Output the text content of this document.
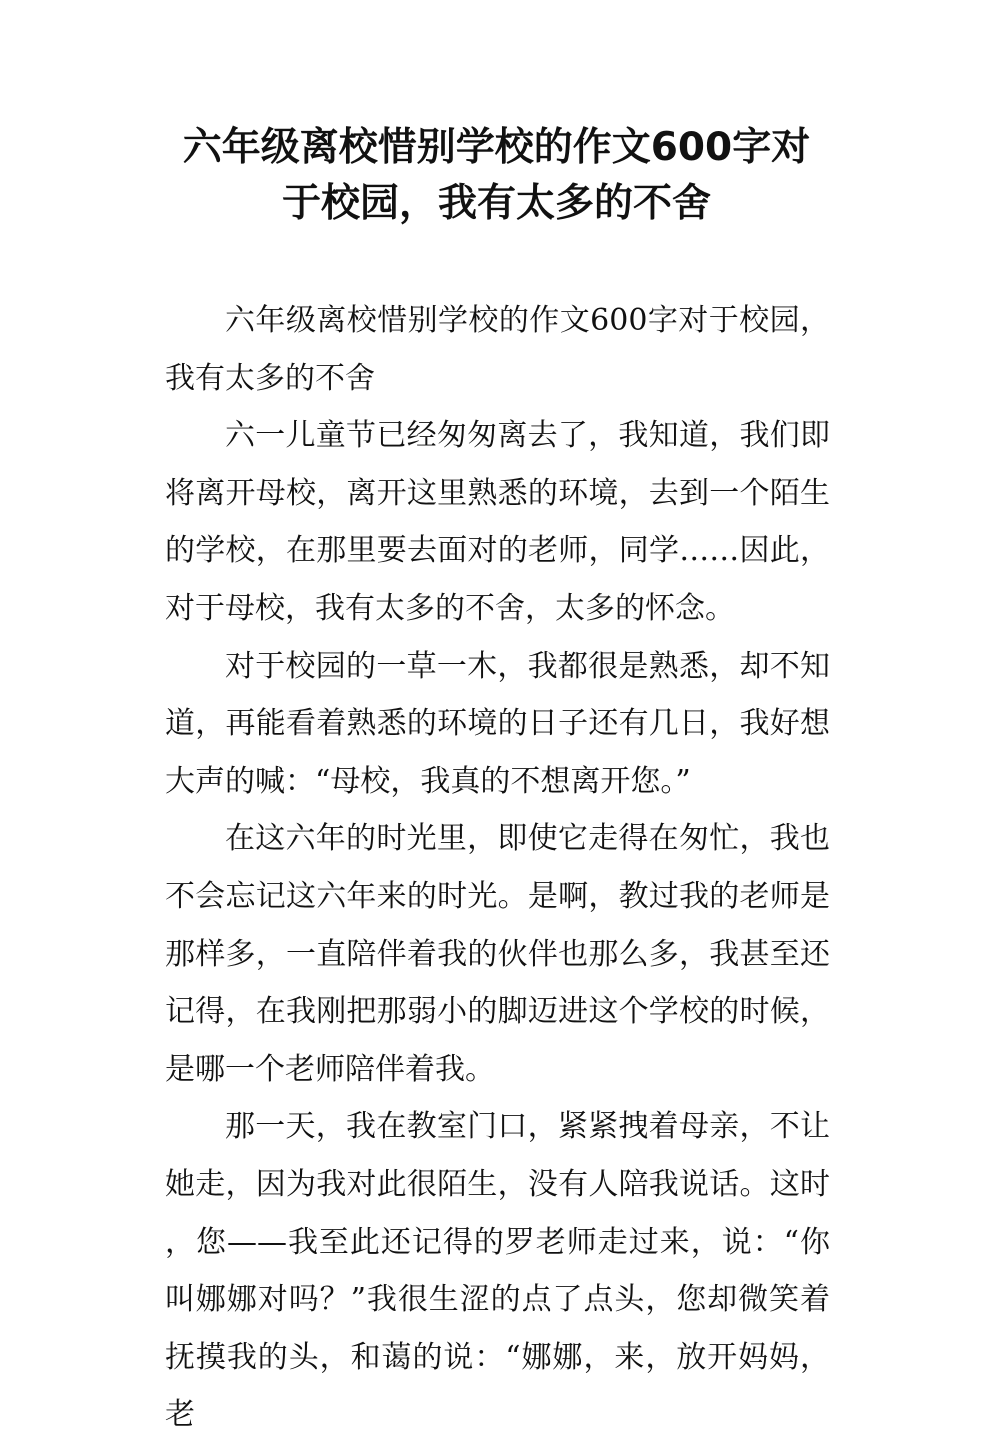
六年级离校惜别学校的作文600字对
于校园，我有太多的不舍

六年级离校惜别学校的作文600字对于校园，我有太多的不舍

六一儿童节已经匆匆离去了，我知道，我们即将离开母校，离开这里熟悉的环境，去到一个陌生的学校，在那里要去面对的老师，同学……因此，对于母校，我有太多的不舍，太多的怀念。

对于校园的一草一木，我都很是熟悉，却不知道，再能看着熟悉的环境的日子还有几日，我好想大声的喊：“母校，我真的不想离开您。”

在这六年的时光里，即使它走得在匆忙，我也不会忘记这六年来的时光。是啊，教过我的老师是那样多，一直陪伴着我的伙伴也那么多，我甚至还记得，在我刚把那弱小的脚迈进这个学校的时候，是哪一个老师陪伴着我。

那一天，我在教室门口，紧紧拽着母亲，不让她走，因为我对此很陌生，没有人陪我说话。这时，您——我至此还记得的罗老师走过来，说：“你叫娜娜对吗？”我很生涩的点了点头，您却微笑着抚摸我的头，和蔼的说：“娜娜，来，放开妈妈，老
